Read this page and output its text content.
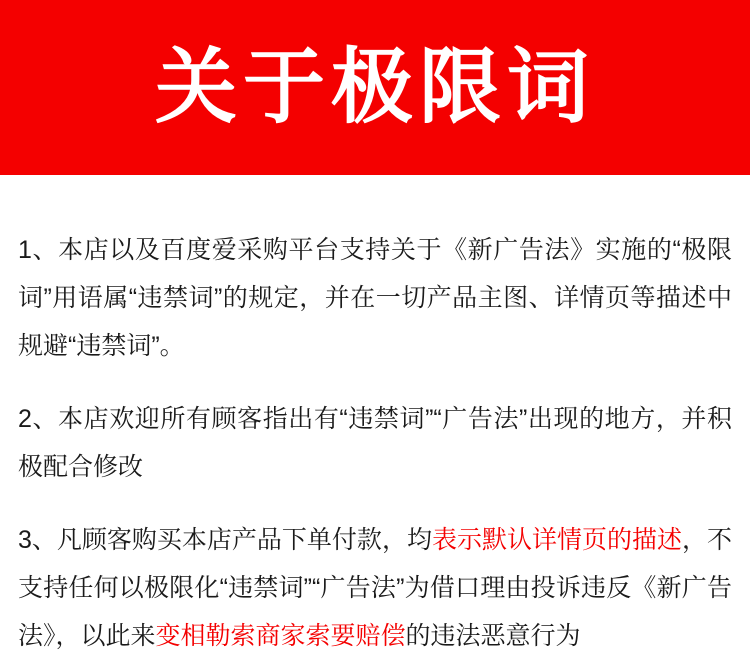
关于极限词

1、本店以及百度爱采购平台支持关于《新广告法》实施的“极限词”用语属“违禁词”的规定，并在一切产品主图、详情页等描述中规避“违禁词”。

2、本店欢迎所有顾客指出有“违禁词”“广告法”出现的地方，并积极配合修改

3、凡顾客购买本店产品下单付款，均表示默认详情页的描述，不支持任何以极限化“违禁词”“广告法”为借口理由投诉违反《新广告法》，以此来变相勒索商家索要赔偿的违法恶意行为
